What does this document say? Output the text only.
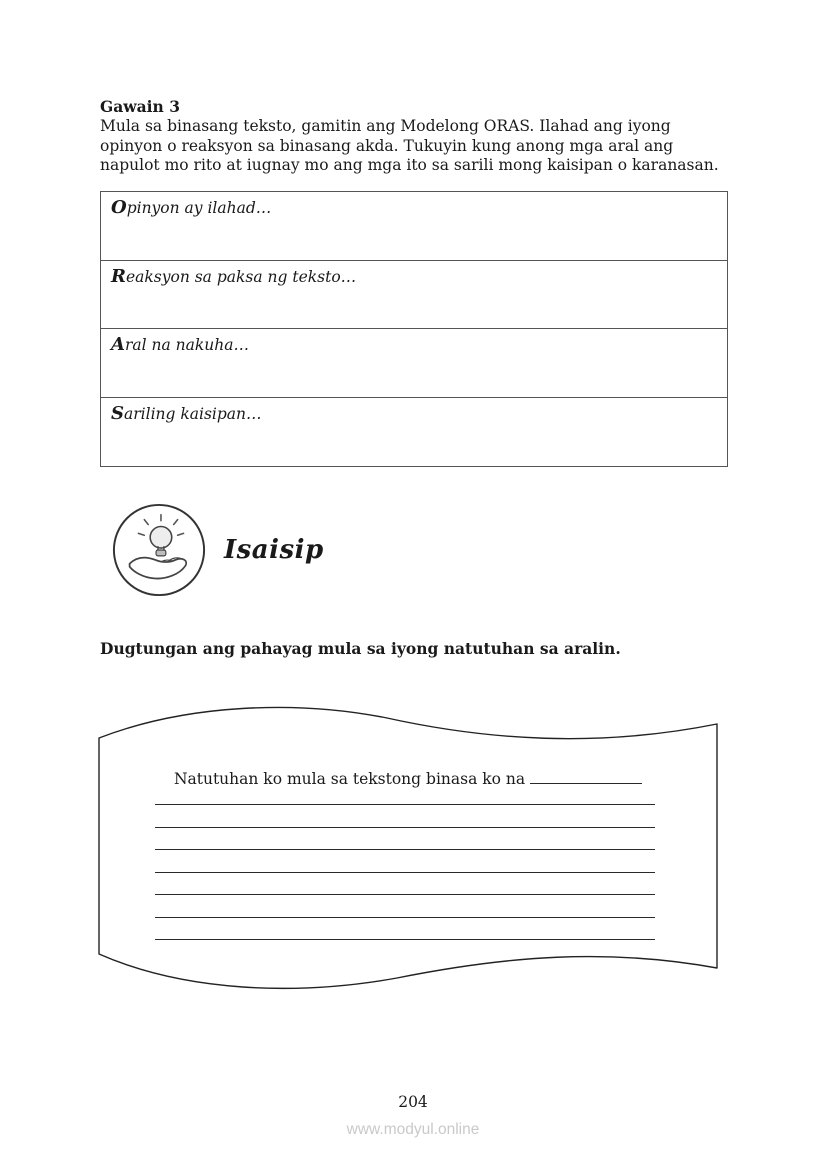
Gawain 3
Mula sa binasang teksto, gamitin ang Modelong ORAS. Ilahad ang iyong opinyon o reaksyon sa binasang akda. Tukuyin kung anong mga aral ang napulot mo rito at iugnay mo ang mga ito sa sarili mong kaisipan o karanasan.
Opinyon ay ilahad…
Reaksyon sa paksa ng teksto…
Aral na nakuha…
Sariling kaisipan…
Isaisip
Dugtungan ang pahayag mula sa iyong natutuhan sa aralin.
Natutuhan ko mula sa tekstong binasa ko na
204
www.modyul.online
